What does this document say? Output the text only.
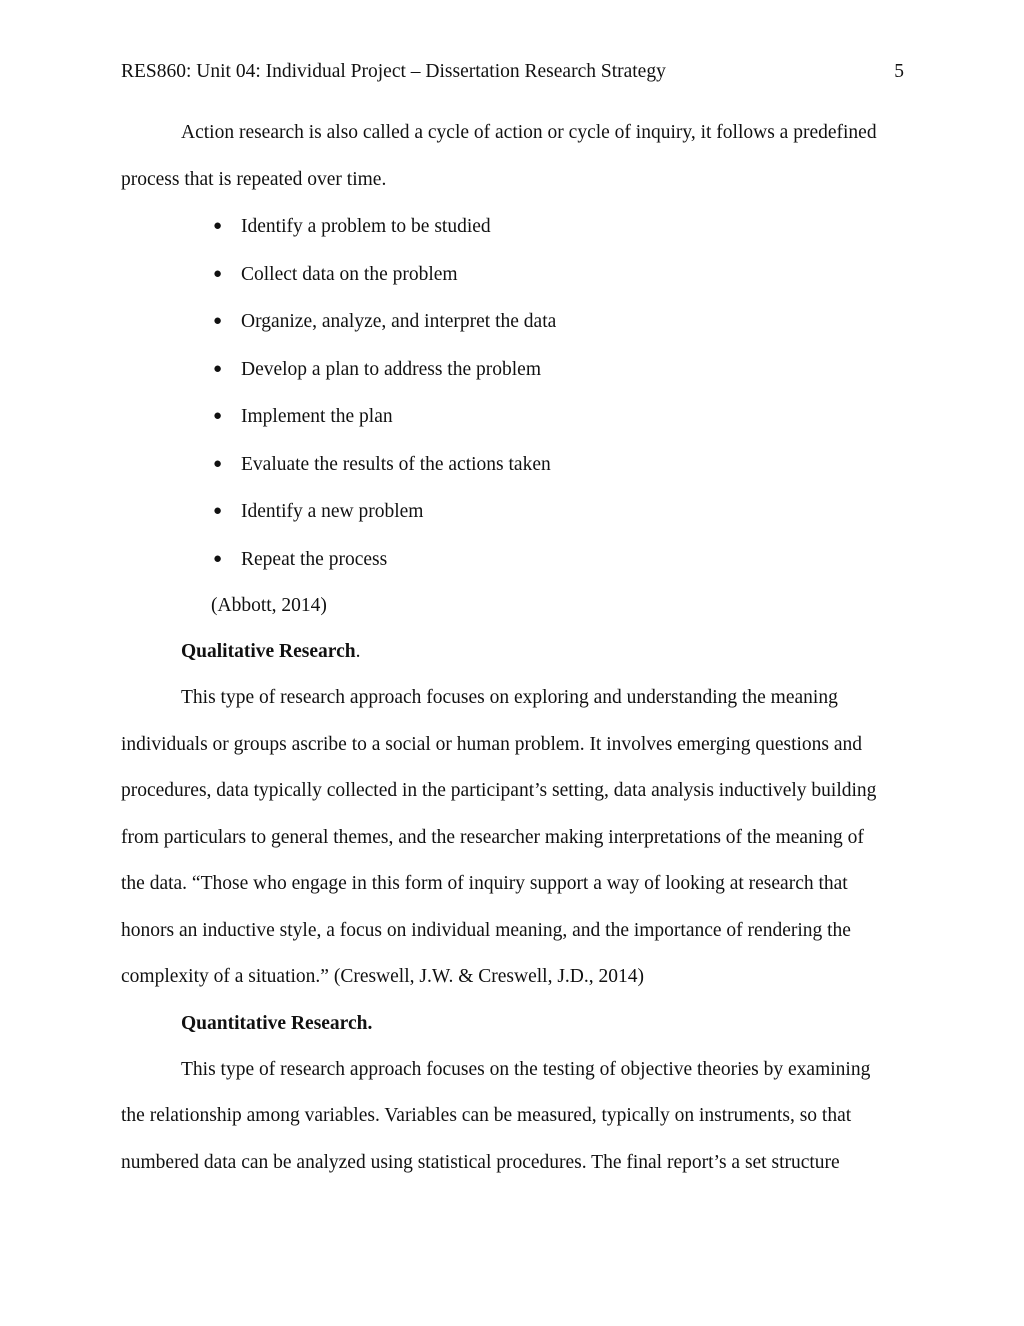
RES860: Unit 04: Individual Project – Dissertation Research Strategy	5
Action research is also called a cycle of action or cycle of inquiry, it follows a predefined
process that is repeated over time.
● Identify a problem to be studied
● Collect data on the problem
● Organize, analyze, and interpret the data
● Develop a plan to address the problem
● Implement the plan
● Evaluate the results of the actions taken
● Identify a new problem
● Repeat the process
(Abbott, 2014)
Qualitative Research.
This type of research approach focuses on exploring and understanding the meaning
individuals or groups ascribe to a social or human problem. It involves emerging questions and
procedures, data typically collected in the participant’s setting, data analysis inductively building
from particulars to general themes, and the researcher making interpretations of the meaning of
the data. “Those who engage in this form of inquiry support a way of looking at research that
honors an inductive style, a focus on individual meaning, and the importance of rendering the
complexity of a situation.” (Creswell, J.W. & Creswell, J.D., 2014)
Quantitative Research.
This type of research approach focuses on the testing of objective theories by examining
the relationship among variables. Variables can be measured, typically on instruments, so that
numbered data can be analyzed using statistical procedures. The final report’s a set structure
